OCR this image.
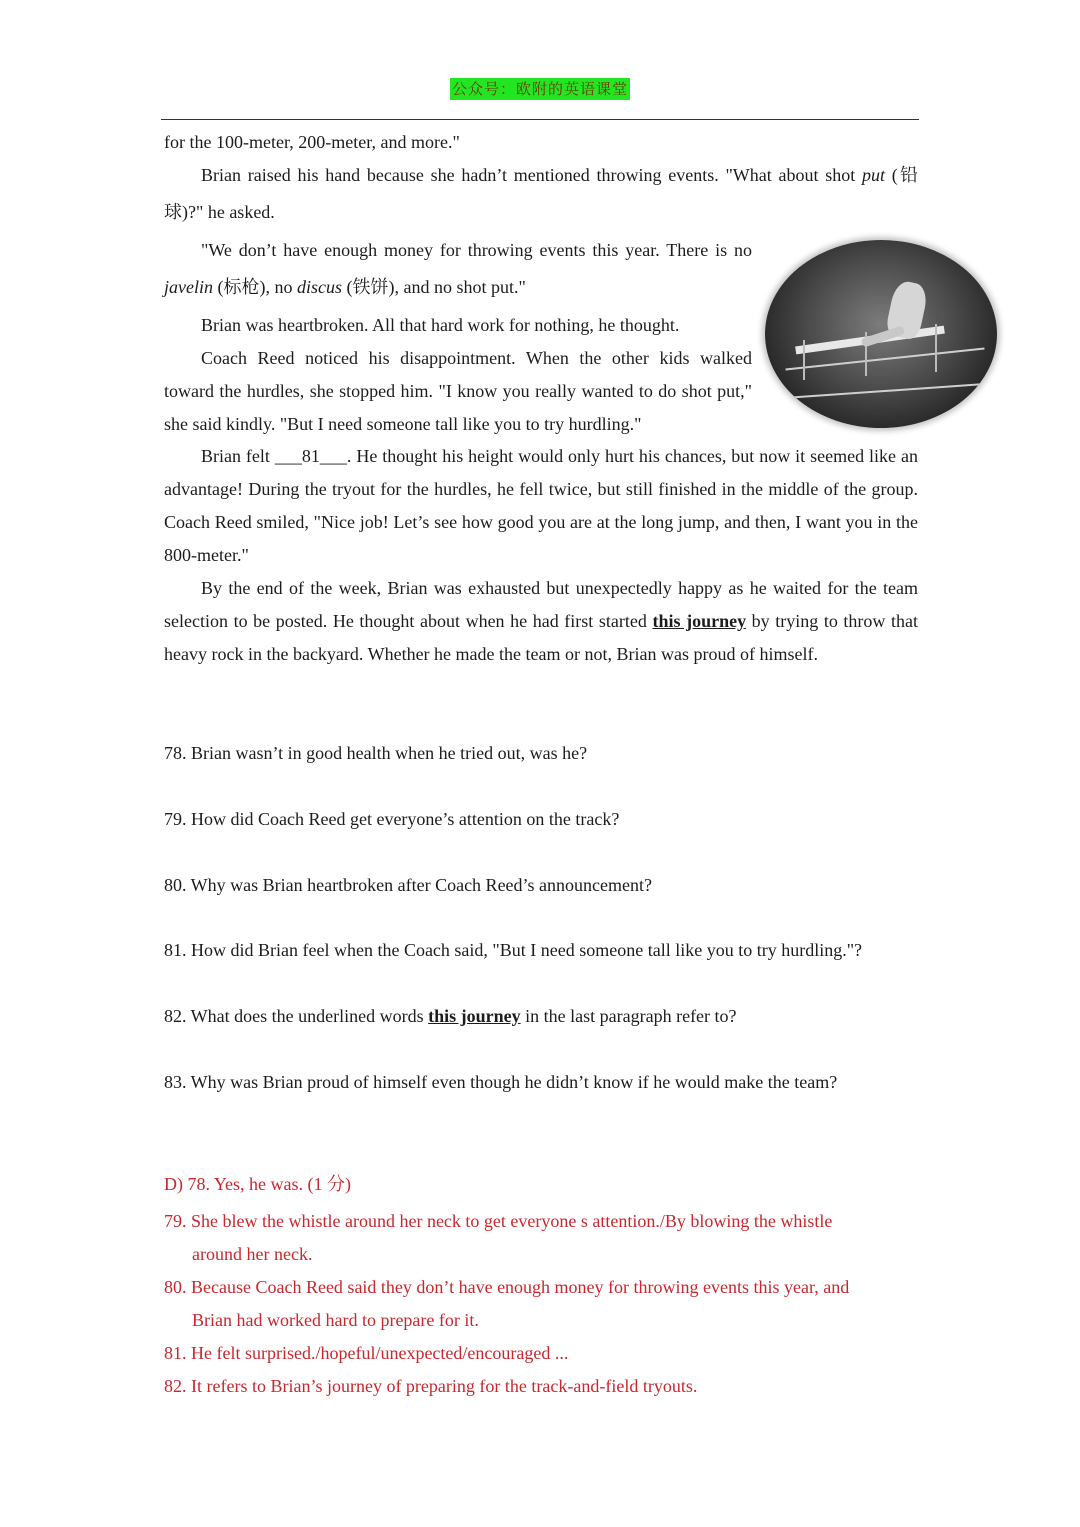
公众号：欧附的英语课堂

for the 100-meter, 200-meter, and more."

Brian raised his hand because she hadn’t mentioned throwing events. "What about shot put (铅球)?" he asked.

"We don’t have enough money for throwing events this year. There is no javelin (标枪), no discus (铁饼), and no shot put."

Brian was heartbroken. All that hard work for nothing, he thought.

Coach Reed noticed his disappointment. When the other kids walked toward the hurdles, she stopped him. "I know you really wanted to do shot put," she said kindly. "But I need someone tall like you to try hurdling."

Brian felt ___81___. He thought his height would only hurt his chances, but now it seemed like an advantage! During the tryout for the hurdles, he fell twice, but still finished in the middle of the group. Coach Reed smiled, "Nice job! Let’s see how good you are at the long jump, and then, I want you in the 800-meter."

By the end of the week, Brian was exhausted but unexpectedly happy as he waited for the team selection to be posted. He thought about when he had first started this journey by trying to throw that heavy rock in the backyard. Whether he made the team or not, Brian was proud of himself.

78. Brian wasn’t in good health when he tried out, was he?

79. How did Coach Reed get everyone’s attention on the track?

80. Why was Brian heartbroken after Coach Reed’s announcement?

81. How did Brian feel when the Coach said, "But I need someone tall like you to try hurdling."?

82. What does the underlined words this journey in the last paragraph refer to?

83. Why was Brian proud of himself even though he didn’t know if he would make the team?

D) 78. Yes, he was. (1 分)

79. She blew the whistle around her neck to get everyone s attention./By blowing the whistle
around her neck.

80. Because Coach Reed said they don’t have enough money for throwing events this year, and
Brian had worked hard to prepare for it.

81. He felt surprised./hopeful/unexpected/encouraged ...

82. It refers to Brian’s journey of preparing for the track-and-field tryouts.
